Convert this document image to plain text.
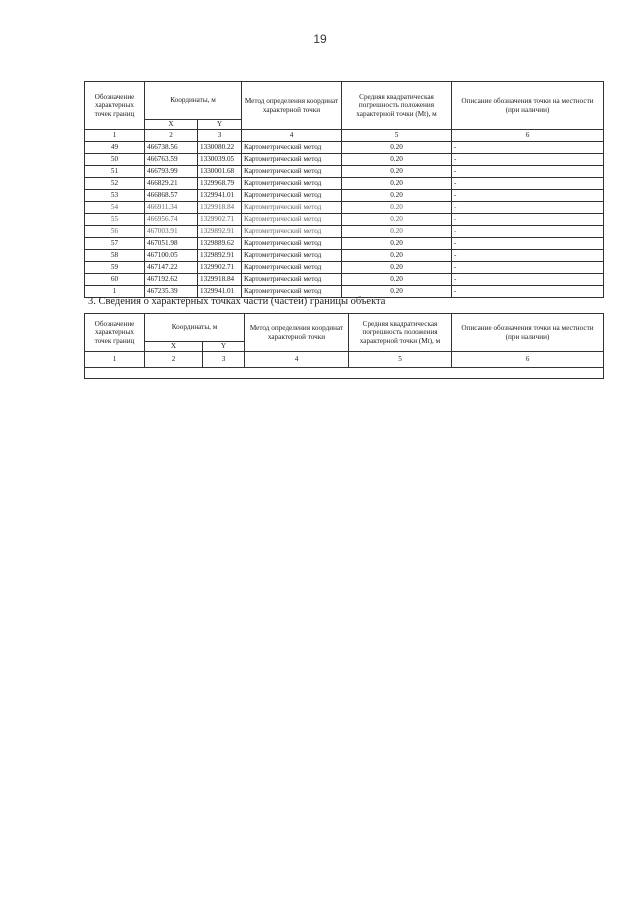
19
Обозначение характерных точек границ	Координаты, м		Метод определения координат характерной точки	Средняя квадратическая погрешность положения характерной точки (Mt), м	Описание обозначения точки на местности (при наличии)
	X	Y			
1	2	3	4	5	6
49	466738.56	1330080.22	Картометрический метод	0.20	-
50	466763.59	1330039.05	Картометрический метод	0.20	-
51	466793.99	1330001.68	Картометрический метод	0.20	-
52	466829.21	1329968.79	Картометрический метод	0.20	-
53	466868.57	1329941.01	Картометрический метод	0.20	-
54	466911.34	1329918.84	Картометрический метод	0.20	-
55	466956.74	1329902.71	Картометрический метод	0.20	-
56	467003.91	1329892.91	Картометрический метод	0.20	-
57	467051.98	1329889.62	Картометрический метод	0.20	-
58	467100.05	1329892.91	Картометрический метод	0.20	-
59	467147.22	1329902.71	Картометрический метод	0.20	-
60	467192.62	1329918.84	Картометрический метод	0.20	-
1	467235.39	1329941.01	Картометрический метод	0.20	-
3. Сведения о характерных точках части (частей) границы объекта
Обозначение характерных точек границ	Координаты, м		Метод определения координат характерной точки	Средняя квадратическая погрешность положения характерной точки (Mt), м	Описание обозначения точки на местности (при наличии)
	X	Y			
1	2	3	4	5	6
